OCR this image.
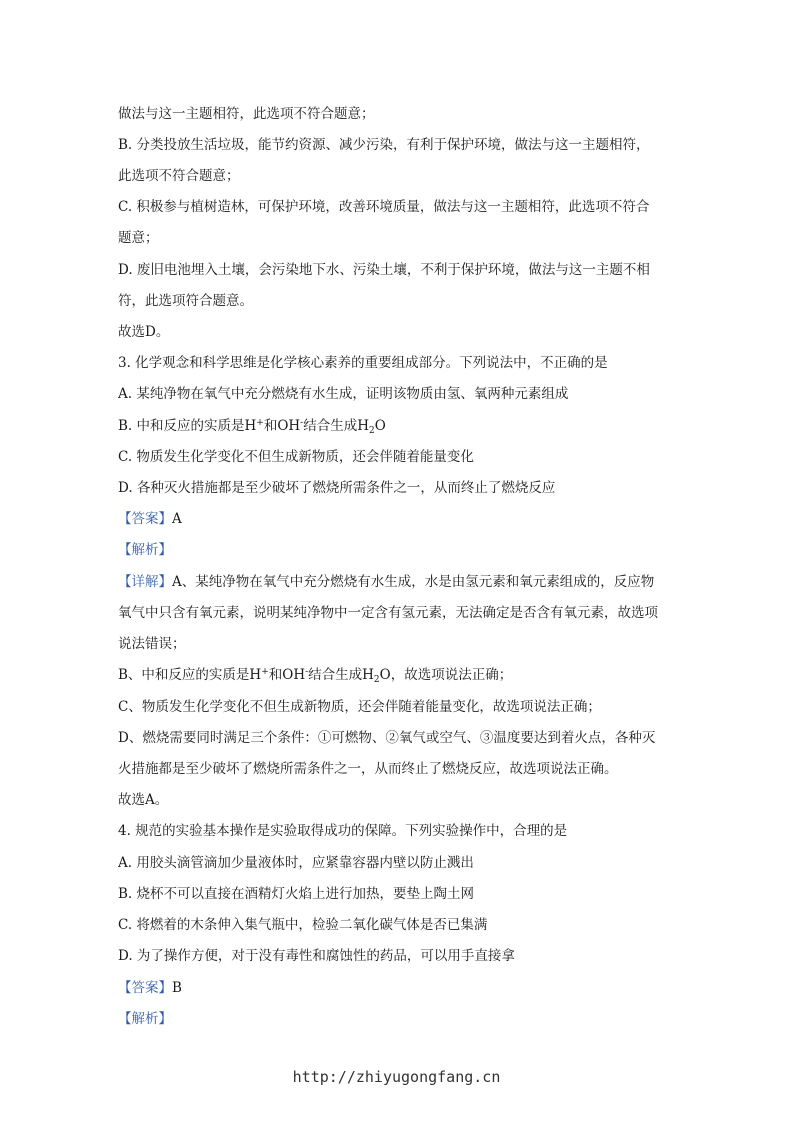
做法与这一主题相符，此选项不符合题意；
B. 分类投放生活垃圾，能节约资源、减少污染，有利于保护环境，做法与这一主题相符，
此选项不符合题意；
C. 积极参与植树造林，可保护环境，改善环境质量，做法与这一主题相符，此选项不符合
题意；
D. 废旧电池埋入土壤，会污染地下水、污染土壤，不利于保护环境，做法与这一主题不相
符，此选项符合题意。
故选D。
3. 化学观念和科学思维是化学核心素养的重要组成部分。下列说法中，不正确的是
A. 某纯净物在氧气中充分燃烧有水生成，证明该物质由氢、氧两种元素组成
B. 中和反应的实质是H+和OH-结合生成$H_2O$
C. 物质发生化学变化不但生成新物质，还会伴随着能量变化
D. 各种灭火措施都是至少破坏了燃烧所需条件之一，从而终止了燃烧反应
【答案】A
【解析】
【详解】A、某纯净物在氧气中充分燃烧有水生成，水是由氢元素和氧元素组成的，反应物
氧气中只含有氧元素，说明某纯净物中一定含有氢元素，无法确定是否含有氧元素，故选项
说法错误；
B、中和反应的实质是H+和OH-结合生成$H_2O$，故选项说法正确；
C、物质发生化学变化不但生成新物质，还会伴随着能量变化，故选项说法正确；
D、燃烧需要同时满足三个条件：①可燃物、②氧气或空气、③温度要达到着火点，各种灭
火措施都是至少破坏了燃烧所需条件之一，从而终止了燃烧反应，故选项说法正确。
故选A。
4. 规范的实验基本操作是实验取得成功的保障。下列实验操作中，合理的是
A. 用胶头滴管滴加少量液体时，应紧靠容器内壁以防止溅出
B. 烧杯不可以直接在酒精灯火焰上进行加热，要垫上陶土网
C. 将燃着的木条伸入集气瓶中，检验二氧化碳气体是否已集满
D. 为了操作方便，对于没有毒性和腐蚀性的药品，可以用手直接拿
【答案】B
【解析】
http://zhiyugongfang.cn
